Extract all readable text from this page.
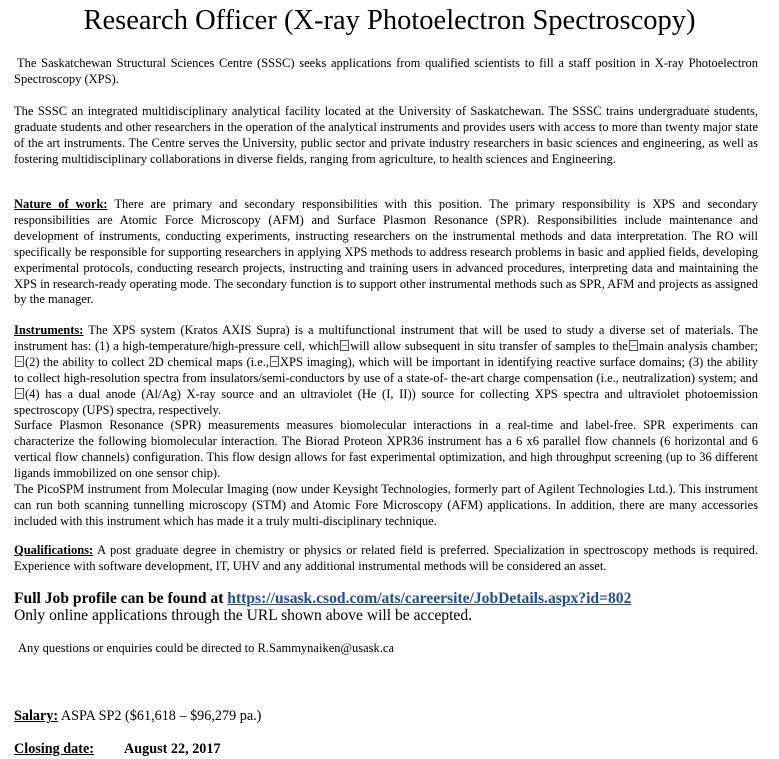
Research Officer (X-ray Photoelectron Spectroscopy)

The Saskatchewan Structural Sciences Centre (SSSC) seeks applications from qualified scientists to fill a staff position in X-ray Photoelectron Spectroscopy (XPS).

The SSSC an integrated multidisciplinary analytical facility located at the University of Saskatchewan. The SSSC trains undergraduate students, graduate students and other researchers in the operation of the analytical instruments and provides users with access to more than twenty major state of the art instruments. The Centre serves the University, public sector and private industry researchers in basic sciences and engineering, as well as fostering multidisciplinary collaborations in diverse fields, ranging from agriculture, to health sciences and Engineering.

Nature of work: There are primary and secondary responsibilities with this position. The primary responsibility is XPS and secondary responsibilities are Atomic Force Microscopy (AFM) and Surface Plasmon Resonance (SPR). Responsibilities include maintenance and development of instruments, conducting experiments, instructing researchers on the instrumental methods and data interpretation. The RO will specifically be responsible for supporting researchers in applying XPS methods to address research problems in basic and applied fields, developing experimental protocols, conducting research projects, instructing and training users in advanced procedures, interpreting data and maintaining the XPS in research-ready operating mode. The secondary function is to support other instrumental methods such as SPR, AFM and projects as assigned by the manager.

Instruments: The XPS system (Kratos AXIS Supra) is a multifunctional instrument that will be used to study a diverse set of materials. The instrument has: (1) a high-temperature/high-pressure cell, which will allow subsequent in situ transfer of samples to the main analysis chamber;(2) the ability to collect 2D chemical maps (i.e., XPS imaging), which will be important in identifying reactive surface domains; (3) the ability to collect high-resolution spectra from insulators/semi-conductors by use of a state-of- the-art charge compensation (i.e., neutralization) system; and(4) has a dual anode (Al/Ag) X-ray source and an ultraviolet (He (I, II)) source for collecting XPS spectra and ultraviolet photoemission spectroscopy (UPS) spectra, respectively.
Surface Plasmon Resonance (SPR) measurements measures biomolecular interactions in a real-time and label-free. SPR experiments can characterize the following biomolecular interaction. The Biorad Proteon XPR36 instrument has a 6 x6 parallel flow channels (6 horizontal and 6 vertical flow channels) configuration. This flow design allows for fast experimental optimization, and high throughput screening (up to 36 different ligands immobilized on one sensor chip).
The PicoSPM instrument from Molecular Imaging (now under Keysight Technologies, formerly part of Agilent Technologies Ltd.). This instrument can run both scanning tunnelling microscopy (STM) and Atomic Fore Microscopy (AFM) applications. In addition, there are many accessories included with this instrument which has made it a truly multi-disciplinary technique.

Qualifications: A post graduate degree in chemistry or physics or related field is preferred. Specialization in spectroscopy methods is required. Experience with software development, IT, UHV and any additional instrumental methods will be considered an asset.

Full Job profile can be found at https://usask.csod.com/ats/careersite/JobDetails.aspx?id=802

Only online applications through the URL shown above will be accepted.

Any questions or enquiries could be directed to R.Sammynaiken@usask.ca

Salary: ASPA SP2 ($61,618 – $96,279 pa.)

Closing date: August 22, 2017
